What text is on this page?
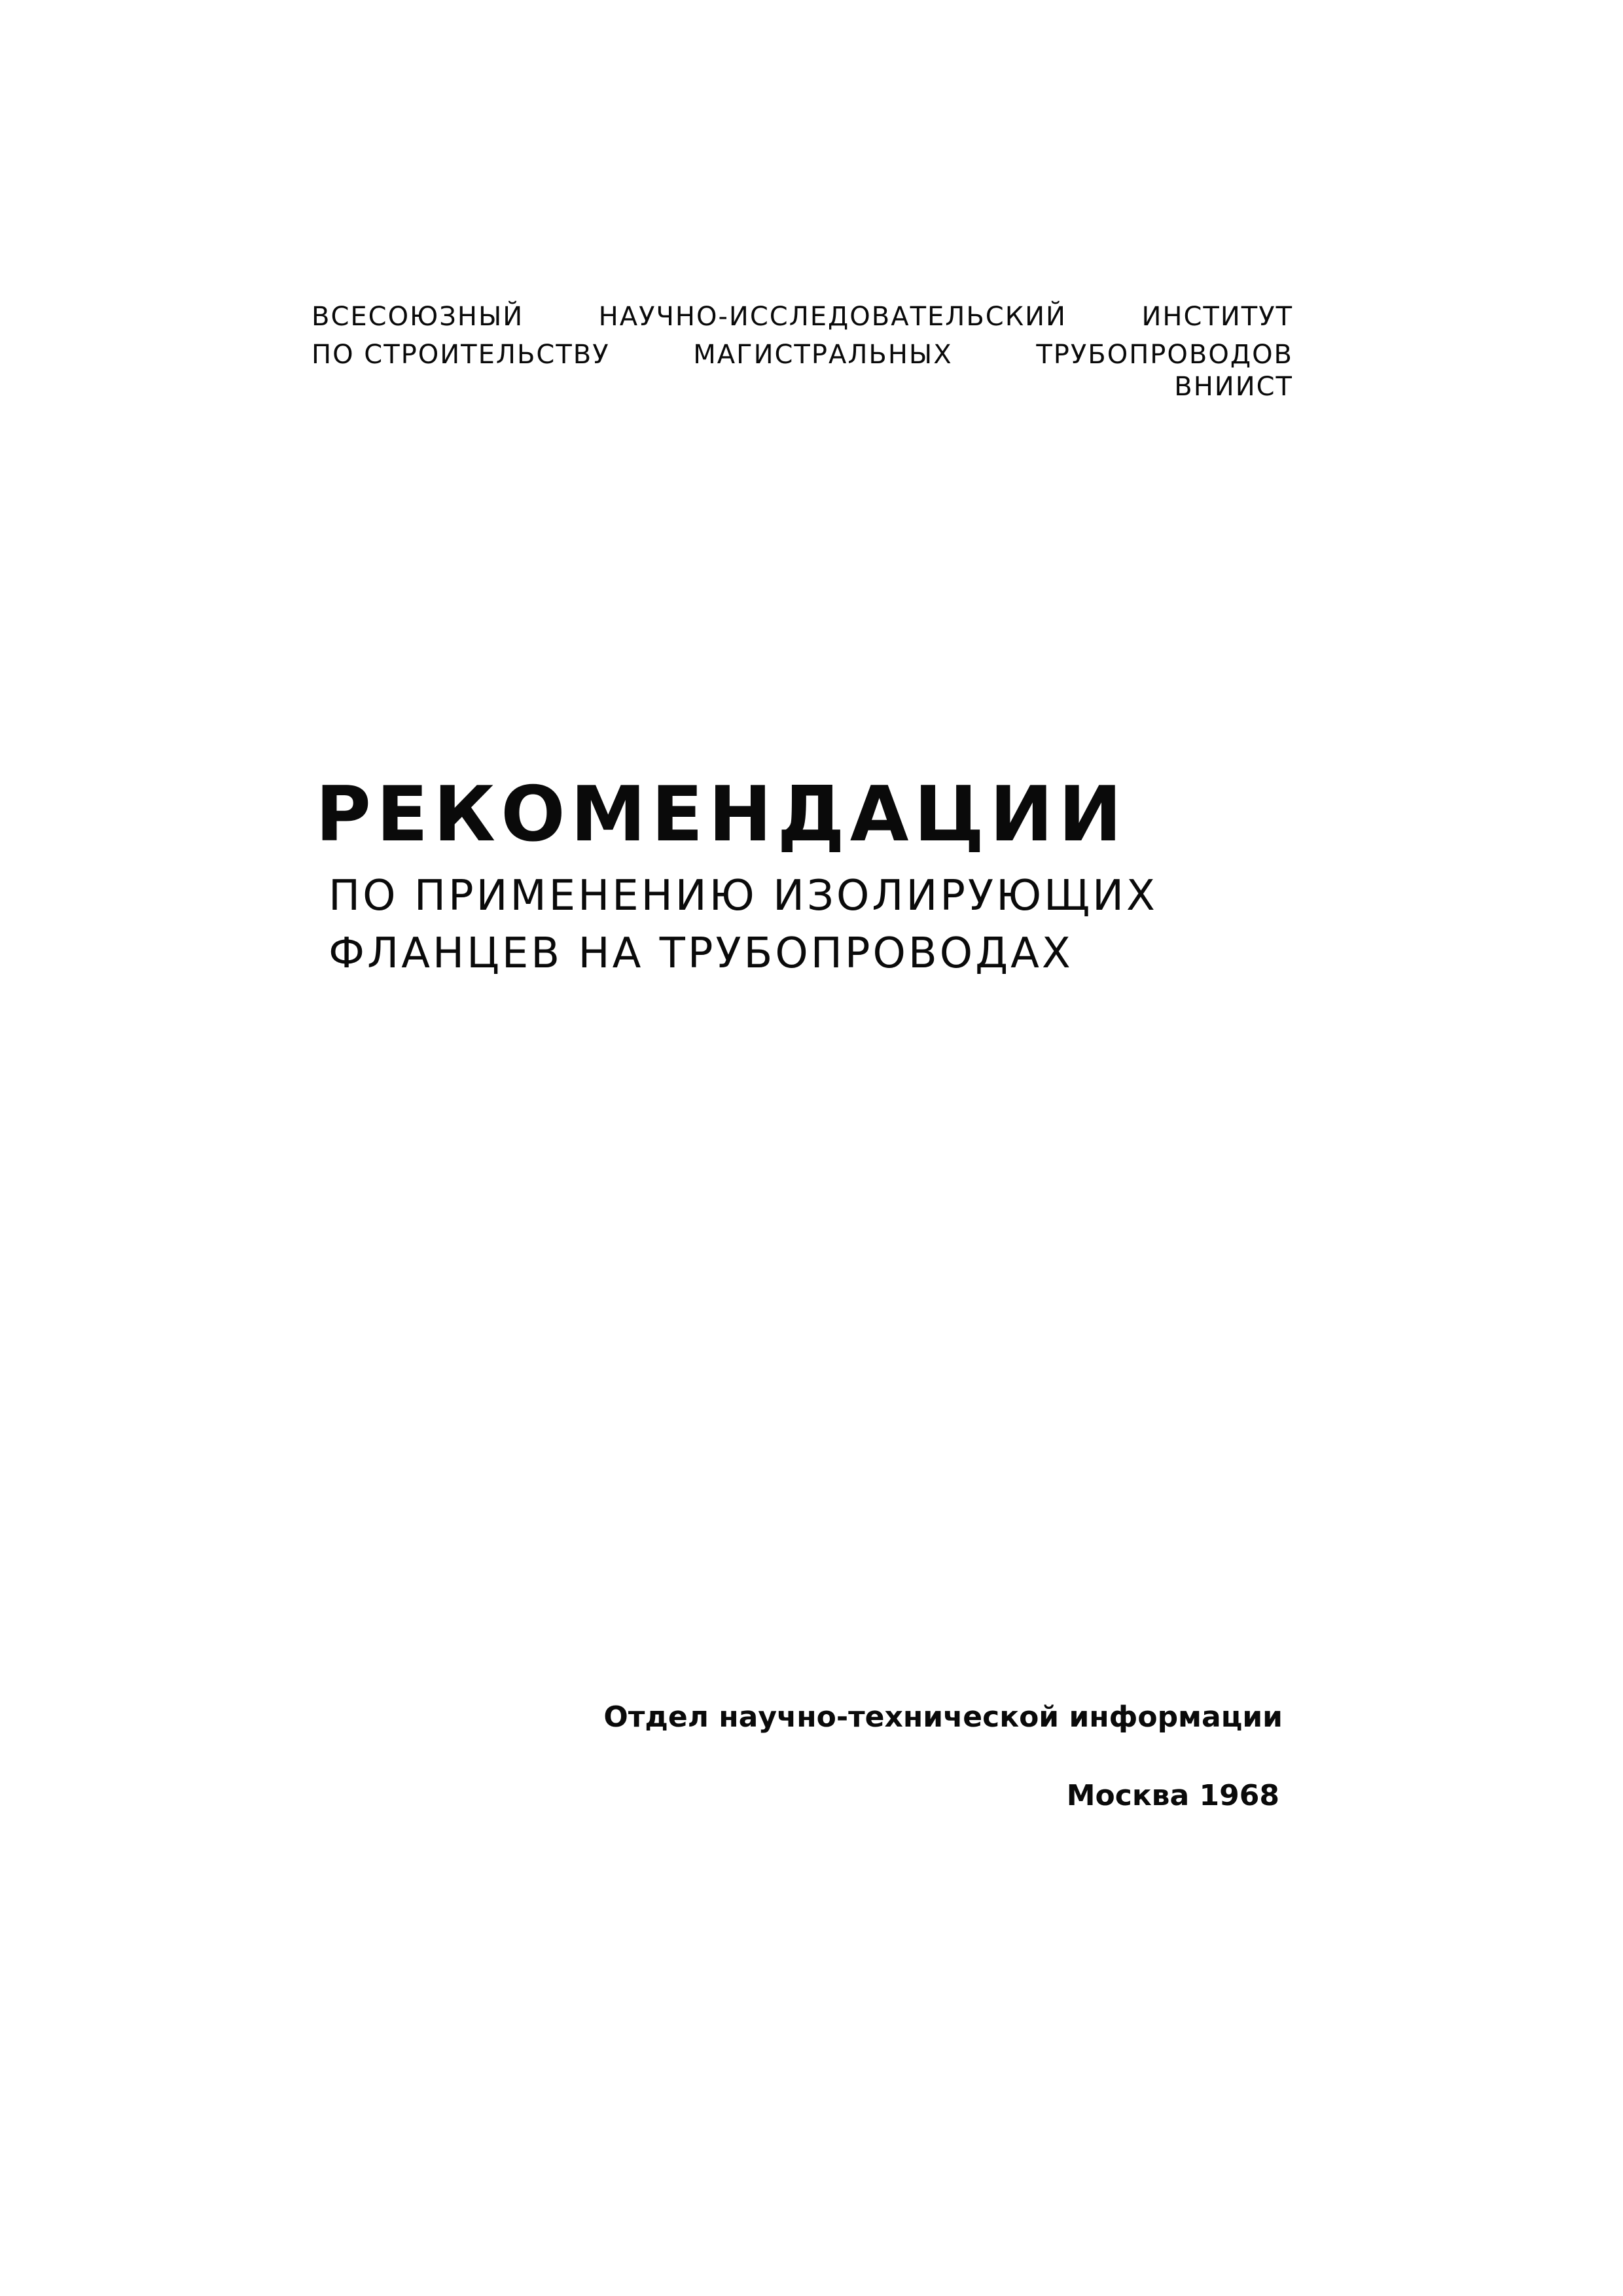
ВСЕСОЮЗНЫЙ	НАУЧНО-ИССЛЕДОВАТЕЛЬСКИЙ	ИНСТИТУТ
ПО СТРОИТЕЛЬСТВУ	МАГИСТРАЛЬНЫХ	ТРУБОПРОВОДОВ
ВНИИСТ
РЕКОМЕНДАЦИИ
ПО ПРИМЕНЕНИЮ ИЗОЛИРУЮЩИХ
ФЛАНЦЕВ НА ТРУБОПРОВОДАХ
Отдел научно-технической информации
Москва 1968
